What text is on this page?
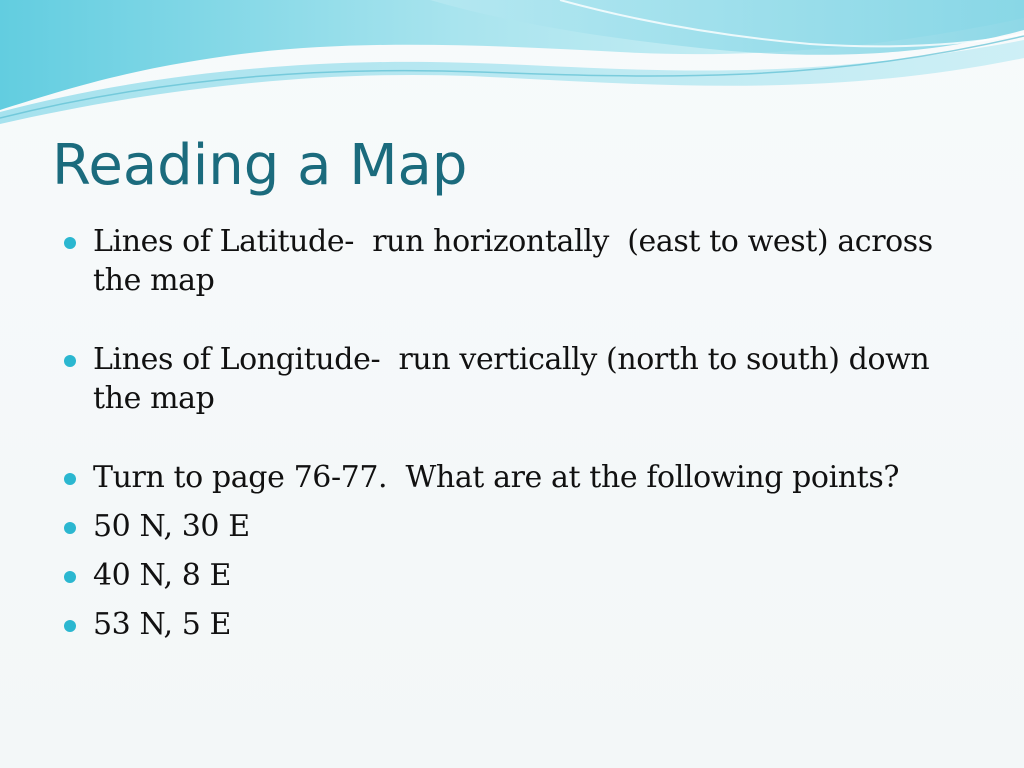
Reading a Map
Lines of Latitude-  run horizontally  (east to west) across the map
Lines of Longitude-  run vertically (north to south) down the map
Turn to page 76-77.  What are at the following points?
50 N, 30 E
40 N, 8 E
53 N, 5 E
